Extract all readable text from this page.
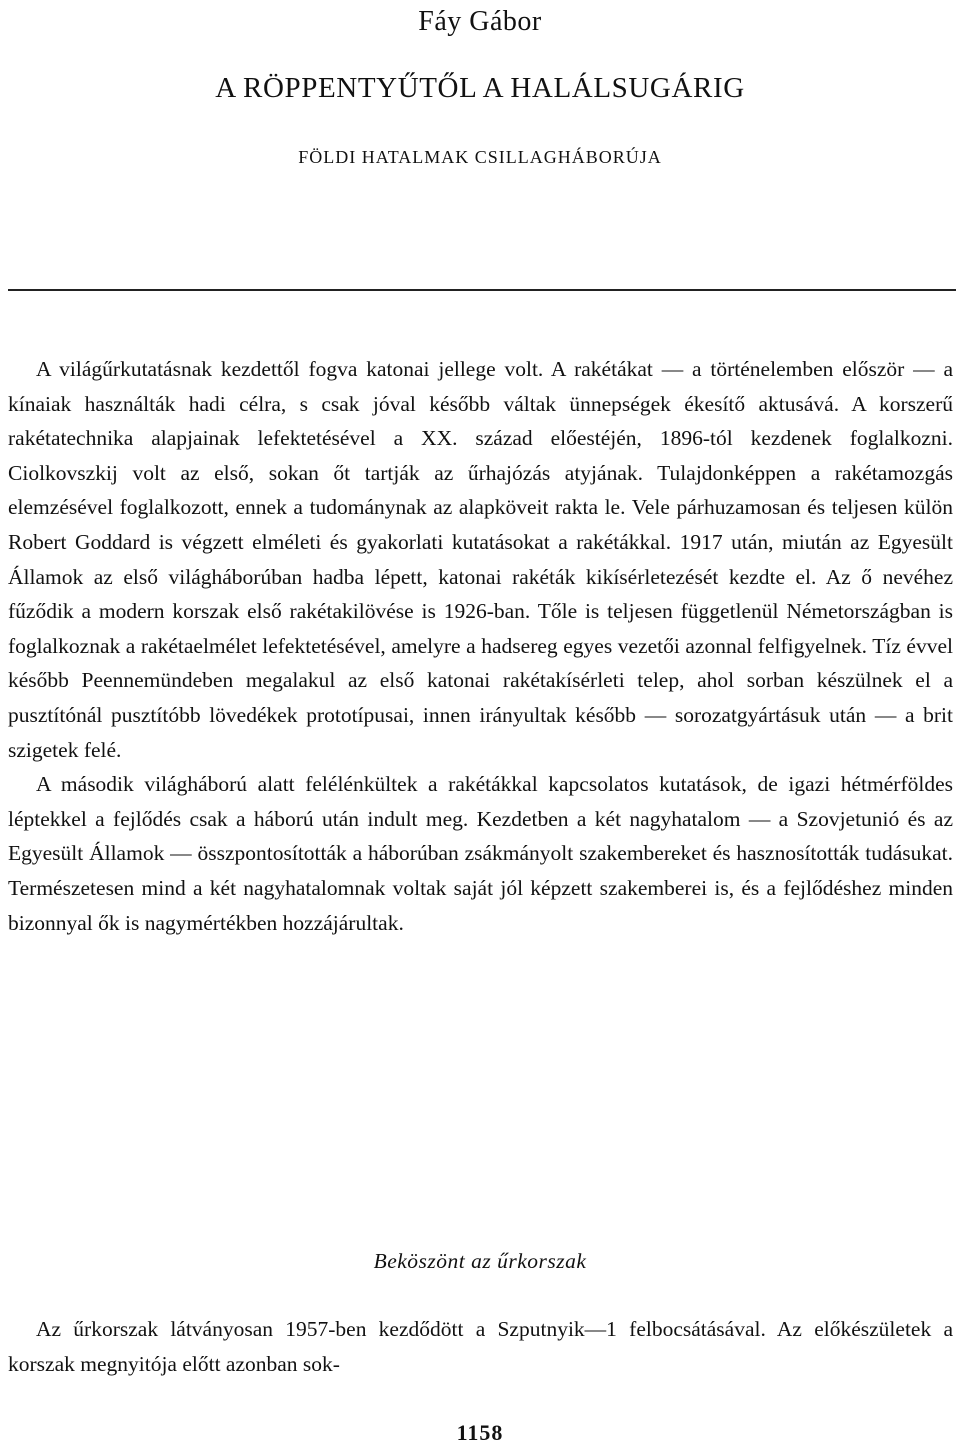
Fáy Gábor
A RÖPPENTYŰTŐL A HALÁLSUGÁRIG
FÖLDI HATALMAK CSILLAGHÁBORÚJA

A világűrkutatásnak kezdettől fogva katonai jellege volt. A rakétákat — a történelemben először — a kínaiak használták hadi célra, s csak jóval később váltak ünnepségek ékesítő aktusává. A korszerű rakétatechnika alapjainak lefektetésével a XX. század előestéjén, 1896-tól kezdenek foglalkozni. Ciolkovszkij volt az első, sokan őt tartják az űrhajózás atyjának. Tulajdonképpen a rakétamozgás elemzésével foglalkozott, ennek a tudománynak az alapköveit rakta le. Vele párhuzamosan és teljesen külön Robert Goddard is végzett elméleti és gyakorlati kutatásokat a rakétákkal. 1917 után, miután az Egyesült Államok az első világháborúban hadba lépett, katonai rakéták kikísérletezését kezdte el. Az ő nevéhez fűződik a modern korszak első rakétakilövése is 1926-ban. Tőle is teljesen függetlenül Németországban is foglalkoznak a rakétaelmélet lefektetésével, amelyre a hadsereg egyes vezetői azonnal felfigyelnek. Tíz évvel később Peennemündeben megalakul az első katonai rakétakísérleti telep, ahol sorban készülnek el a pusztítónál pusztítóbb lövedékek prototípusai, innen irányultak később — sorozatgyártásuk után — a brit szigetek felé.

A második világháború alatt felélénkültek a rakétákkal kapcsolatos kutatások, de igazi hétmérföldes léptekkel a fejlődés csak a háború után indult meg. Kezdetben a két nagyhatalom — a Szovjetunió és az Egyesült Államok — összpontosították a háborúban zsákmányolt szakembereket és hasznosították tudásukat. Természetesen mind a két nagyhatalomnak voltak saját jól képzett szakemberei is, és a fejlődéshez minden bizonnyal ők is nagymértékben hozzájárultak.

Beköszönt az űrkorszak

Az űrkorszak látványosan 1957-ben kezdődött a Szputnyik—1 felbocsátásával. Az előkészületek a korszak megnyitója előtt azonban sok-

1158
